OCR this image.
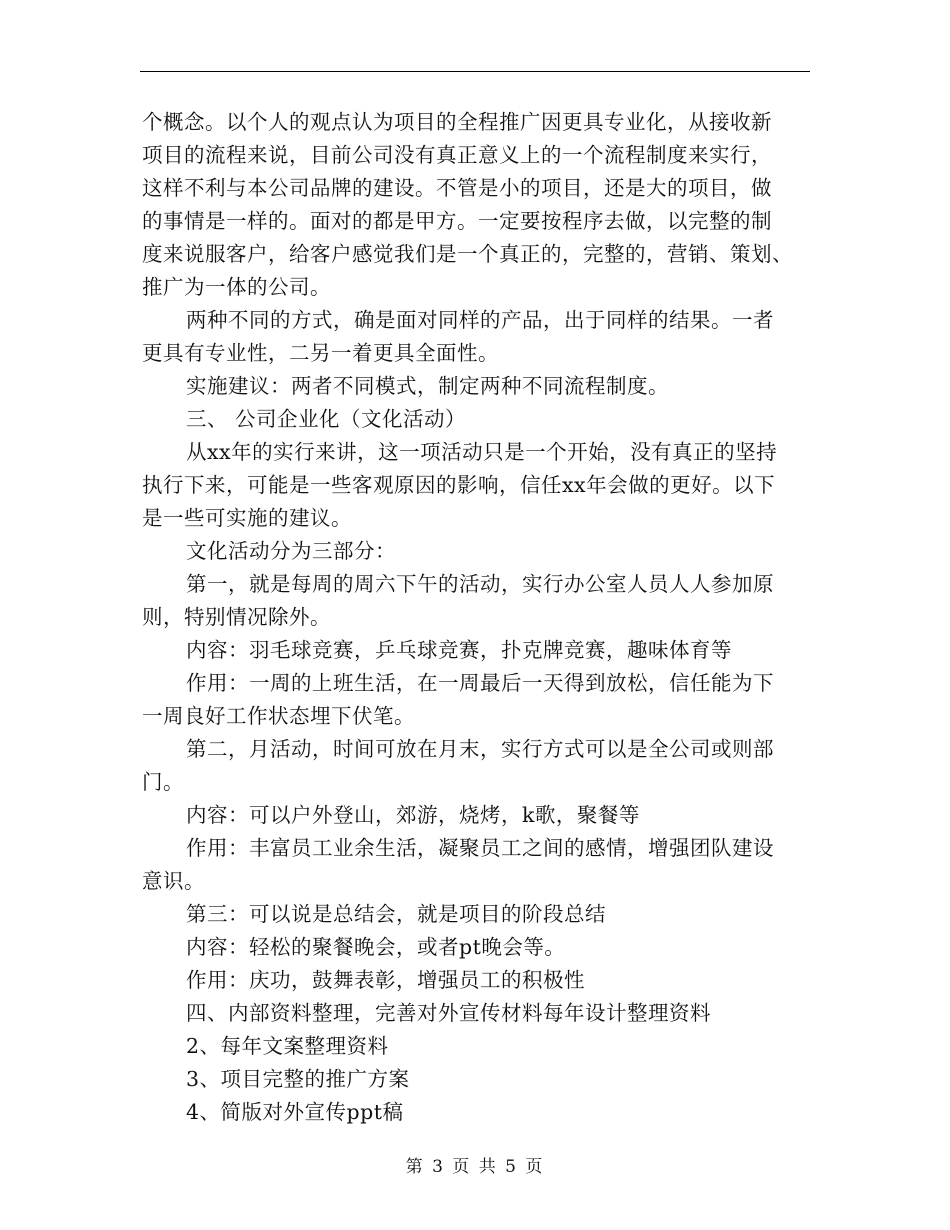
个概念。以个人的观点认为项目的全程推广因更具专业化，从接收新
项目的流程来说，目前公司没有真正意义上的一个流程制度来实行，
这样不利与本公司品牌的建设。不管是小的项目，还是大的项目，做
的事情是一样的。面对的都是甲方。一定要按程序去做，以完整的制
度来说服客户，给客户感觉我们是一个真正的，完整的，营销、策划、
推广为一体的公司。
两种不同的方式，确是面对同样的产品，出于同样的结果。一者
更具有专业性，二另一着更具全面性。
实施建议：两者不同模式，制定两种不同流程制度。
三、 公司企业化（文化活动）
从xx年的实行来讲，这一项活动只是一个开始，没有真正的坚持
执行下来，可能是一些客观原因的影响，信任xx年会做的更好。以下
是一些可实施的建议。
文化活动分为三部分：
第一，就是每周的周六下午的活动，实行办公室人员人人参加原
则，特别情况除外。
内容：羽毛球竞赛，乒乓球竞赛，扑克牌竞赛，趣味体育等
作用：一周的上班生活，在一周最后一天得到放松，信任能为下
一周良好工作状态埋下伏笔。
第二，月活动，时间可放在月末，实行方式可以是全公司或则部
门。
内容：可以户外登山，郊游，烧烤，k歌，聚餐等
作用：丰富员工业余生活，凝聚员工之间的感情，增强团队建设
意识。
第三：可以说是总结会，就是项目的阶段总结
内容：轻松的聚餐晚会，或者pt晚会等。
作用：庆功，鼓舞表彰，增强员工的积极性
四、内部资料整理，完善对外宣传材料每年设计整理资料
2、每年文案整理资料
3、项目完整的推广方案
4、简版对外宣传ppt稿
第 3 页 共 5 页
